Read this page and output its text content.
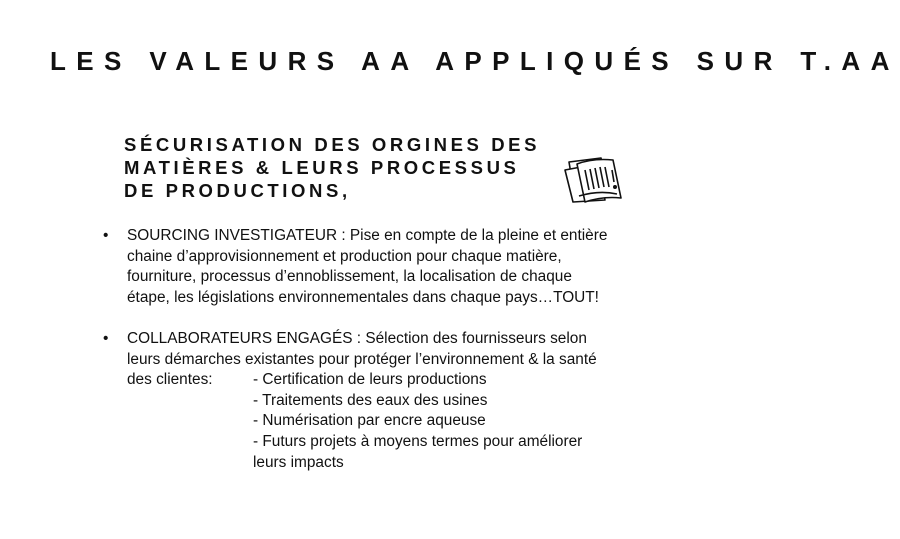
LES VALEURS AA APPLIQUÉS SUR T.AA
SÉCURISATION DES ORGINES DES
MATIÈRES & LEURS PROCESSUS
DE PRODUCTIONS,
• SOURCING INVESTIGATEUR : Pise en compte de la pleine et entière
chaine d’approvisionnement et production pour chaque matière,
fourniture, processus d’ennoblissement, la localisation de chaque
étape, les législations environnementales dans chaque pays…TOUT!
• COLLABORATEURS ENGAGÉS : Sélection des fournisseurs selon
leurs démarches existantes pour protéger l’environnement & la santé
des clientes:	- Certification de leurs productions
- Traitements des eaux des usines
- Numérisation par encre aqueuse
- Futurs projets à moyens termes pour améliorer
leurs impacts
